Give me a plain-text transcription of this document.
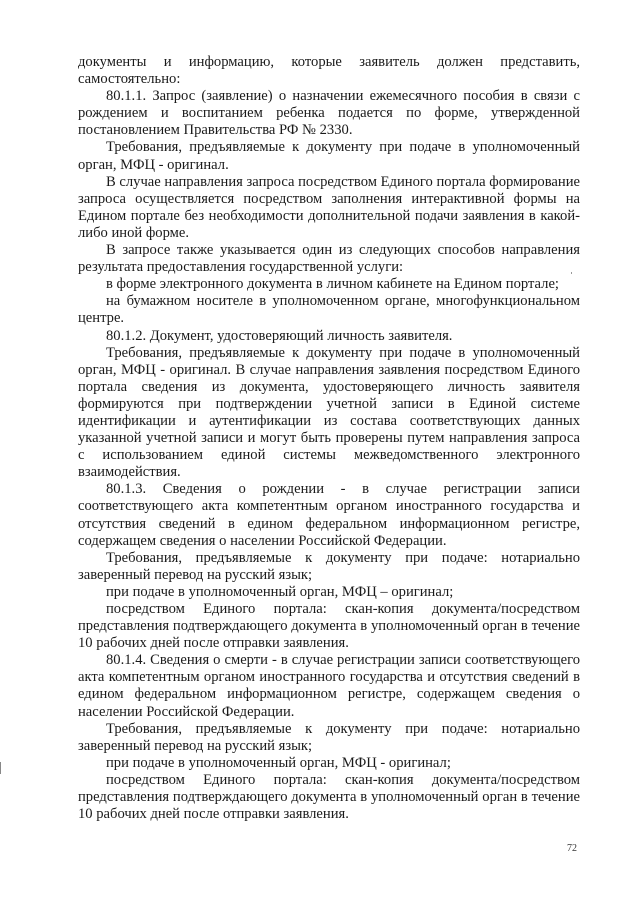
документы и информацию, которые заявитель должен представить, самостоятельно:

80.1.1. Запрос (заявление) о назначении ежемесячного пособия в связи с рождением и воспитанием ребенка подается по форме, утвержденной постановлением Правительства РФ № 2330.

Требования, предъявляемые к документу при подаче в уполномоченный орган, МФЦ - оригинал.

В случае направления запроса посредством Единого портала формирование запроса осуществляется посредством заполнения интерактивной формы на Едином портале без необходимости дополнительной подачи заявления в какой-либо иной форме.

В запросе также указывается один из следующих способов направления результата предоставления государственной услуги:

в форме электронного документа в личном кабинете на Едином портале;

на бумажном носителе в уполномоченном органе, многофункциональном центре.

80.1.2. Документ, удостоверяющий личность заявителя.

Требования, предъявляемые к документу при подаче в уполномоченный орган, МФЦ - оригинал. В случае направления заявления посредством Единого портала сведения из документа, удостоверяющего личность заявителя формируются при подтверждении учетной записи в Единой системе идентификации и аутентификации из состава соответствующих данных указанной учетной записи и могут быть проверены путем направления запроса с использованием единой системы межведомственного электронного взаимодействия.

80.1.3. Сведения о рождении - в случае регистрации записи соответствующего акта компетентным органом иностранного государства и отсутствия сведений в едином федеральном информационном регистре, содержащем сведения о населении Российской Федерации.

Требования, предъявляемые к документу при подаче: нотариально заверенный перевод на русский язык;

при подаче в уполномоченный орган, МФЦ – оригинал;

посредством Единого портала: скан-копия документа/посредством представления подтверждающего документа в уполномоченный орган в течение 10 рабочих дней после отправки заявления.

80.1.4. Сведения о смерти - в случае регистрации записи соответствующего акта компетентным органом иностранного государства и отсутствия сведений в едином федеральном информационном регистре, содержащем сведения о населении Российской Федерации.

Требования, предъявляемые к документу при подаче: нотариально заверенный перевод на русский язык;

при подаче в уполномоченный орган, МФЦ - оригинал;

посредством Единого портала: скан-копия документа/посредством представления подтверждающего документа в уполномоченный орган в течение 10 рабочих дней после отправки заявления.

72
